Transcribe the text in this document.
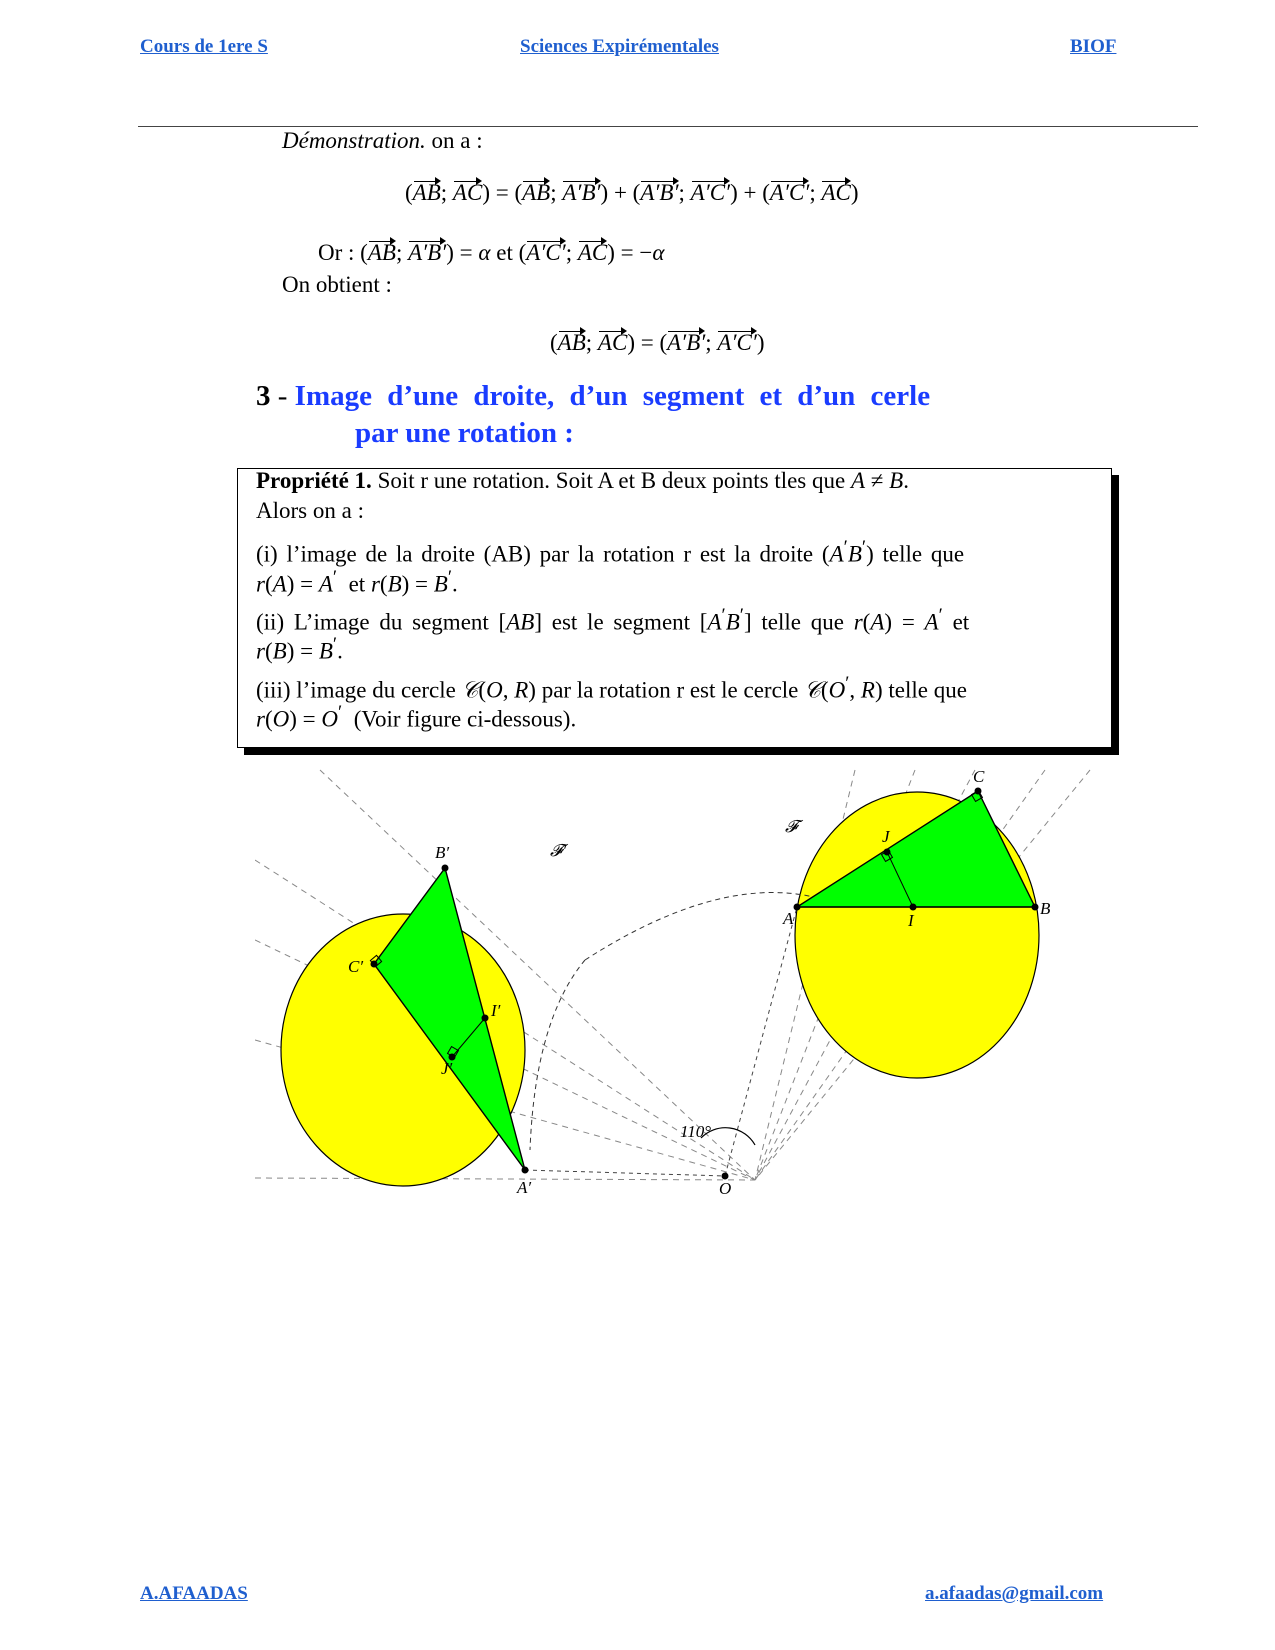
Cours de 1ere S	Sciences Expirémentales	BIOF
Démonstration. on a :
(AB; AC) = (AB; A′B′) + (A′B′; A′C′) + (A′C′; AC)
Or : (AB; A′B′) = α et (A′C′; AC) = −α
On obtient :
(AB; AC) = (A′B′; A′C′)
3 - Image d’une droite, d’un segment et d’un cerle
par une rotation :
Propriété 1. Soit r une rotation. Soit A et B deux points tles que A ≠ B.
Alors on a :
(i) l’image de la droite (AB) par la rotation r est la droite (A′B′) telle que
r(A) = A′  et r(B) = B′.
(ii) L’image du segment [AB] est le segment [A′B′] telle que r(A) = A′ et
r(B) = B′.
(iii) l’image du cercle 𝒞(O, R) par la rotation r est le cercle 𝒞(O′, R) telle que
r(O) = O′ (Voir figure ci-dessous).
B′	𝓕′
C′
I′
J′
A′
110°
O
𝓕
C
J
A	I
B
A.AFAADAS	a.afaadas@gmail.com
